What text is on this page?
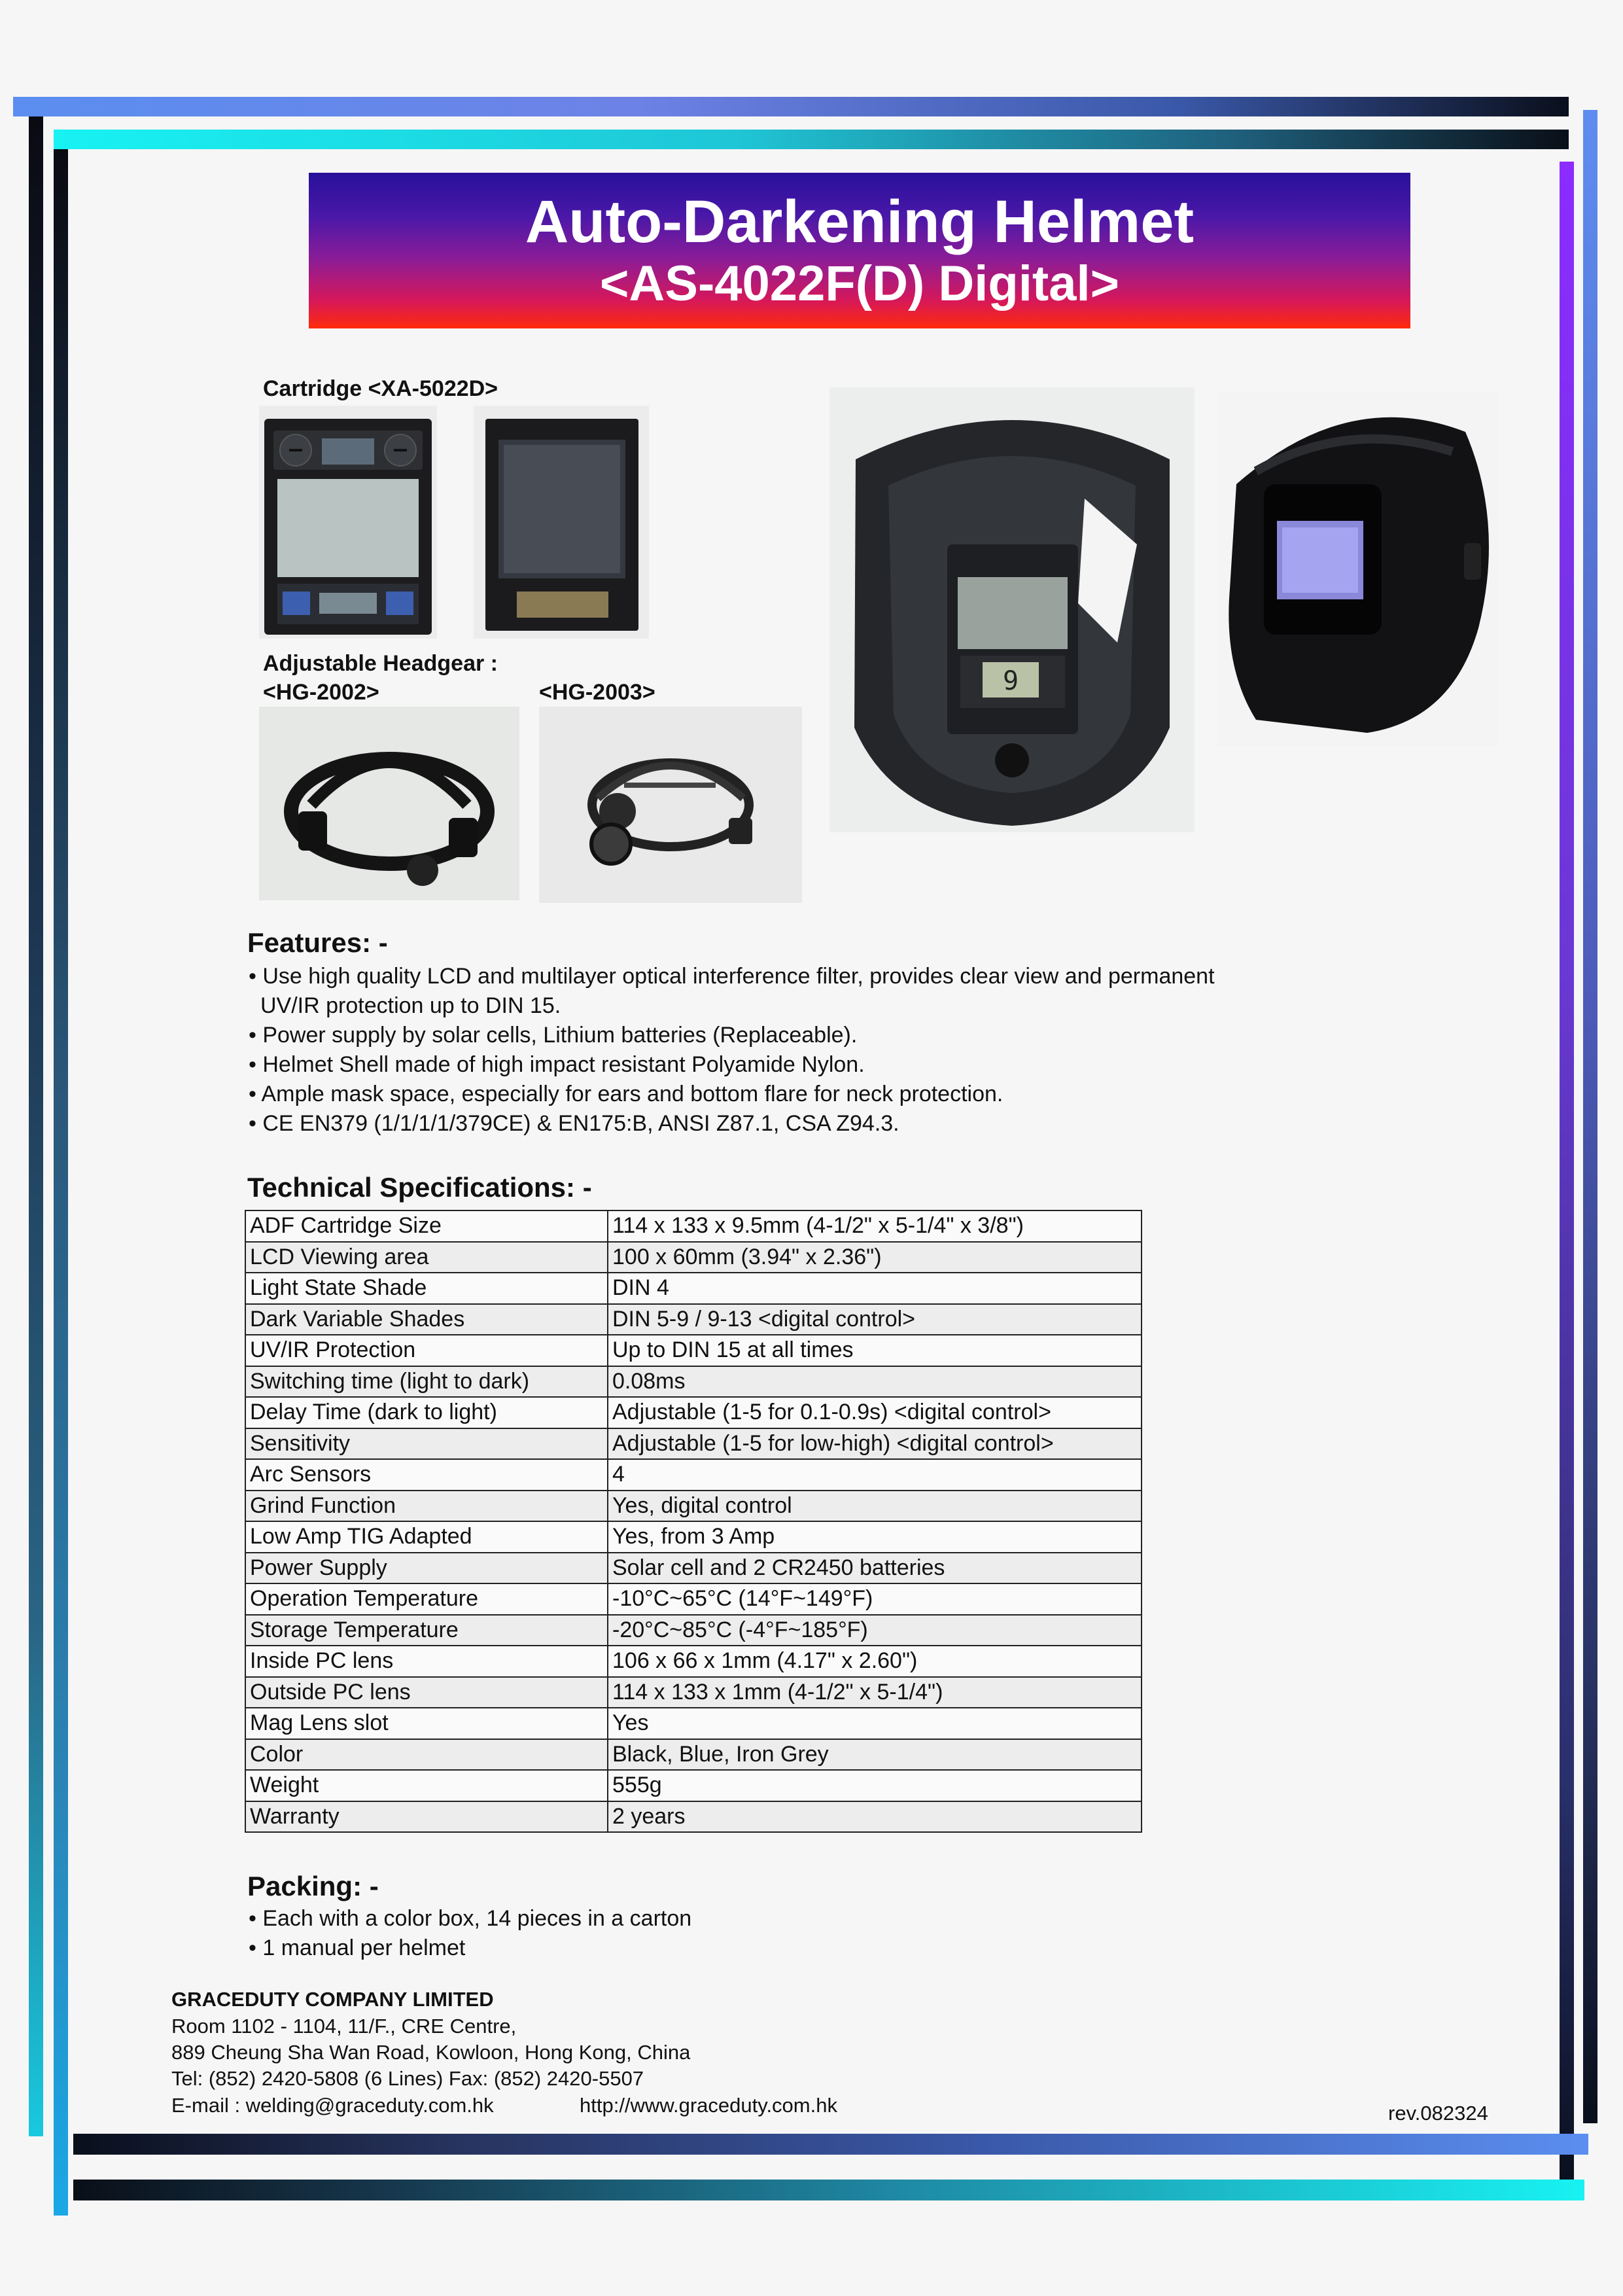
Auto-Darkening Helmet
<AS-4022F(D) Digital>
Cartridge <XA-5022D>
Adjustable Headgear :
<HG-2002>	<HG-2003>	9
Features: -
• Use high quality LCD and multilayer optical interference filter, provides clear view and permanent
UV/IR protection up to DIN 15.
• Power supply by solar cells, Lithium batteries (Replaceable).
• Helmet Shell made of high impact resistant Polyamide Nylon.
• Ample mask space, especially for ears and bottom flare for neck protection.
• CE EN379 (1/1/1/1/379CE) & EN175:B, ANSI Z87.1, CSA Z94.3.
Technical Specifications: -
ADF Cartridge Size	114 x 133 x 9.5mm (4-1/2" x 5-1/4" x 3/8")
LCD Viewing area	100 x 60mm (3.94" x 2.36")
Light State Shade	DIN 4
Dark Variable Shades	DIN 5-9 / 9-13 <digital control>
UV/IR Protection	Up to DIN 15 at all times
Switching time (light to dark)	0.08ms
Delay Time (dark to light)	Adjustable (1-5 for 0.1-0.9s) <digital control>
Sensitivity	Adjustable (1-5 for low-high) <digital control>
Arc Sensors	4
Grind Function	Yes, digital control
Low Amp TIG Adapted	Yes, from 3 Amp
Power Supply	Solar cell and 2 CR2450 batteries
Operation Temperature	-10°C~65°C (14°F~149°F)
Storage Temperature	-20°C~85°C (-4°F~185°F)
Inside PC lens	106 x 66 x 1mm (4.17" x 2.60")
Outside PC lens	114 x 133 x 1mm (4-1/2" x 5-1/4")
Mag Lens slot	Yes
Color	Black, Blue, Iron Grey
Weight	555g
Warranty	2 years
Packing: -
• Each with a color box, 14 pieces in a carton
• 1 manual per helmet
GRACEDUTY COMPANY LIMITED
Room 1102 - 1104, 11/F., CRE Centre,
889 Cheung Sha Wan Road, Kowloon, Hong Kong, China
Tel: (852) 2420-5808 (6 Lines) Fax: (852) 2420-5507
E-mail : welding@graceduty.com.hk	http://www.graceduty.com.hk	rev.082324
